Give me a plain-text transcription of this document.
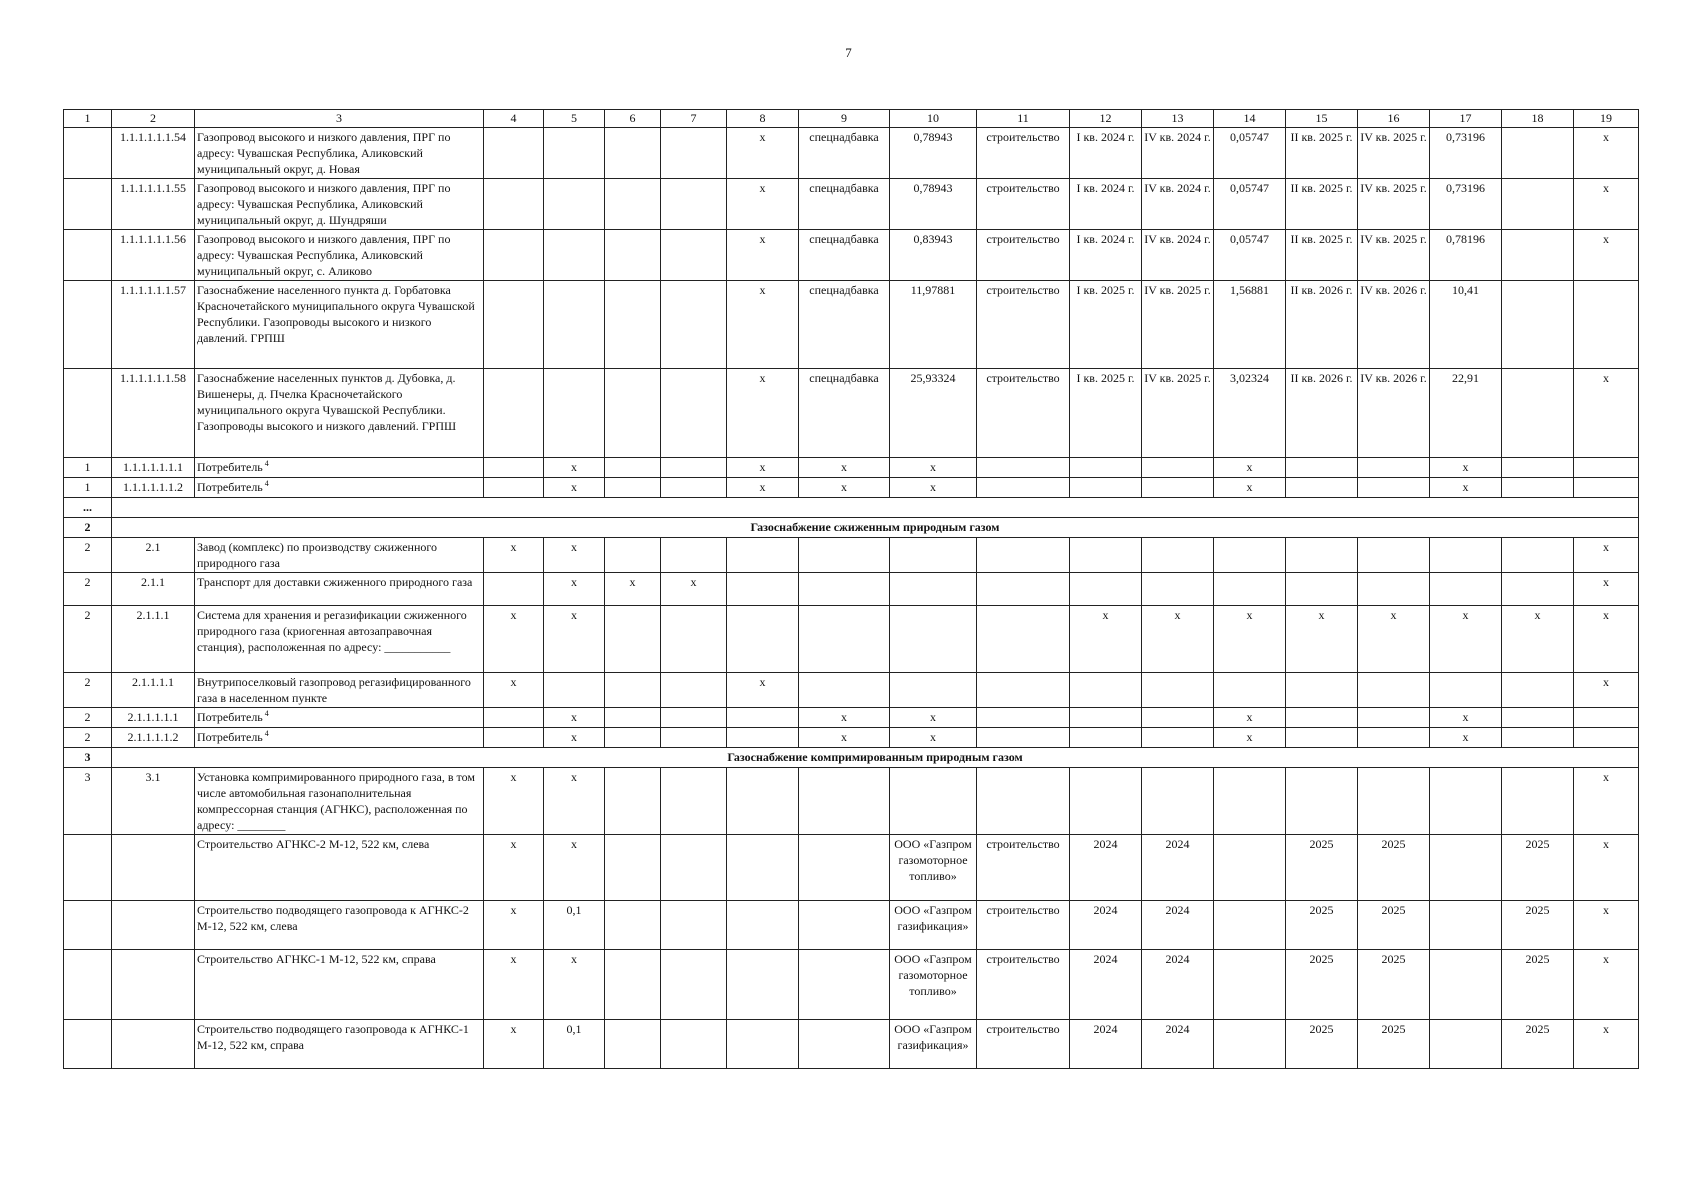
7
1	2	3	4	5	6	7	8	9	10	11	12	13	14	15	16	17	18	19
	1.1.1.1.1.1.54	Газопровод высокого и низкого давления, ПРГ по адресу: Чувашская Республика, Аликовский муниципальный округ, д. Новая					x	спецнадбавка	0,78943	строительство	I кв. 2024 г.	IV кв. 2024 г.	0,05747	II кв. 2025 г.	IV кв. 2025 г.	0,73196		x
	1.1.1.1.1.1.55	Газопровод высокого и низкого давления, ПРГ по адресу: Чувашская Республика, Аликовский муниципальный округ, д. Шундряши					x	спецнадбавка	0,78943	строительство	I кв. 2024 г.	IV кв. 2024 г.	0,05747	II кв. 2025 г.	IV кв. 2025 г.	0,73196		x
	1.1.1.1.1.1.56	Газопровод высокого и низкого давления, ПРГ по адресу: Чувашская Республика, Аликовский муниципальный округ, с. Аликово					x	спецнадбавка	0,83943	строительство	I кв. 2024 г.	IV кв. 2024 г.	0,05747	II кв. 2025 г.	IV кв. 2025 г.	0,78196		x
	1.1.1.1.1.1.57	Газоснабжение населенного пункта д. Горбатовка Красночетайского муниципального округа Чувашской Республики. Газопроводы высокого и низкого давлений. ГРПШ					x	спецнадбавка	11,97881	строительство	I кв. 2025 г.	IV кв. 2025 г.	1,56881	II кв. 2026 г.	IV кв. 2026 г.	10,41		
	1.1.1.1.1.1.58	Газоснабжение населенных пунктов д. Дубовка, д. Вишенеры, д. Пчелка Красночетайского муниципального округа Чувашской Республики. Газопроводы высокого и низкого давлений. ГРПШ					x	спецнадбавка	25,93324	строительство	I кв. 2025 г.	IV кв. 2025 г.	3,02324	II кв. 2026 г.	IV кв. 2026 г.	22,91		x
1	1.1.1.1.1.1.1	Потребитель $^4$		x			x	x	x				x			x		
1	1.1.1.1.1.1.2	Потребитель $^4$		x			x	x	x				x			x		
...																		
2	Газоснабжение сжиженным природным газом																	
2	2.1	Завод (комплекс) по производству сжиженного природного газа	x	x														x
2	2.1.1	Транспорт для доставки сжиженного природного газа		x	x	x												x
2	2.1.1.1	Система для хранения и регазификации сжиженного природного газа (криогенная автозаправочная станция), расположенная по адресу: ___________	x	x							x	x	x	x	x	x	x	x
2	2.1.1.1.1	Внутрипоселковый газопровод регазифицированного газа в населенном пункте	x				x											x
2	2.1.1.1.1.1	Потребитель $^4$		x				x	x				x			x		
2	2.1.1.1.1.2	Потребитель $^4$		x				x	x				x			x		
3	Газоснабжение компримированным природным газом																	
3	3.1	Установка компримированного природного газа, в том числе автомобильная газонаполнительная компрессорная станция (АГНКС), расположенная по адресу: ________	x	x														x
		Строительство АГНКС-2 М-12, 522 км, слева	x	x					ООО «Газпром газомоторное топливо»	строительство	2024	2024		2025	2025		2025	x
		Строительство подводящего газопровода к АГНКС-2 М-12, 522 км, слева	x	0,1					ООО «Газпром газификация»	строительство	2024	2024		2025	2025		2025	x
		Строительство АГНКС-1 М-12, 522 км, справа	x	x					ООО «Газпром газомоторное топливо»	строительство	2024	2024		2025	2025		2025	x
		Строительство подводящего газопровода к АГНКС-1 М-12, 522 км, справа	x	0,1					ООО «Газпром газификация»	строительство	2024	2024		2025	2025		2025	x
